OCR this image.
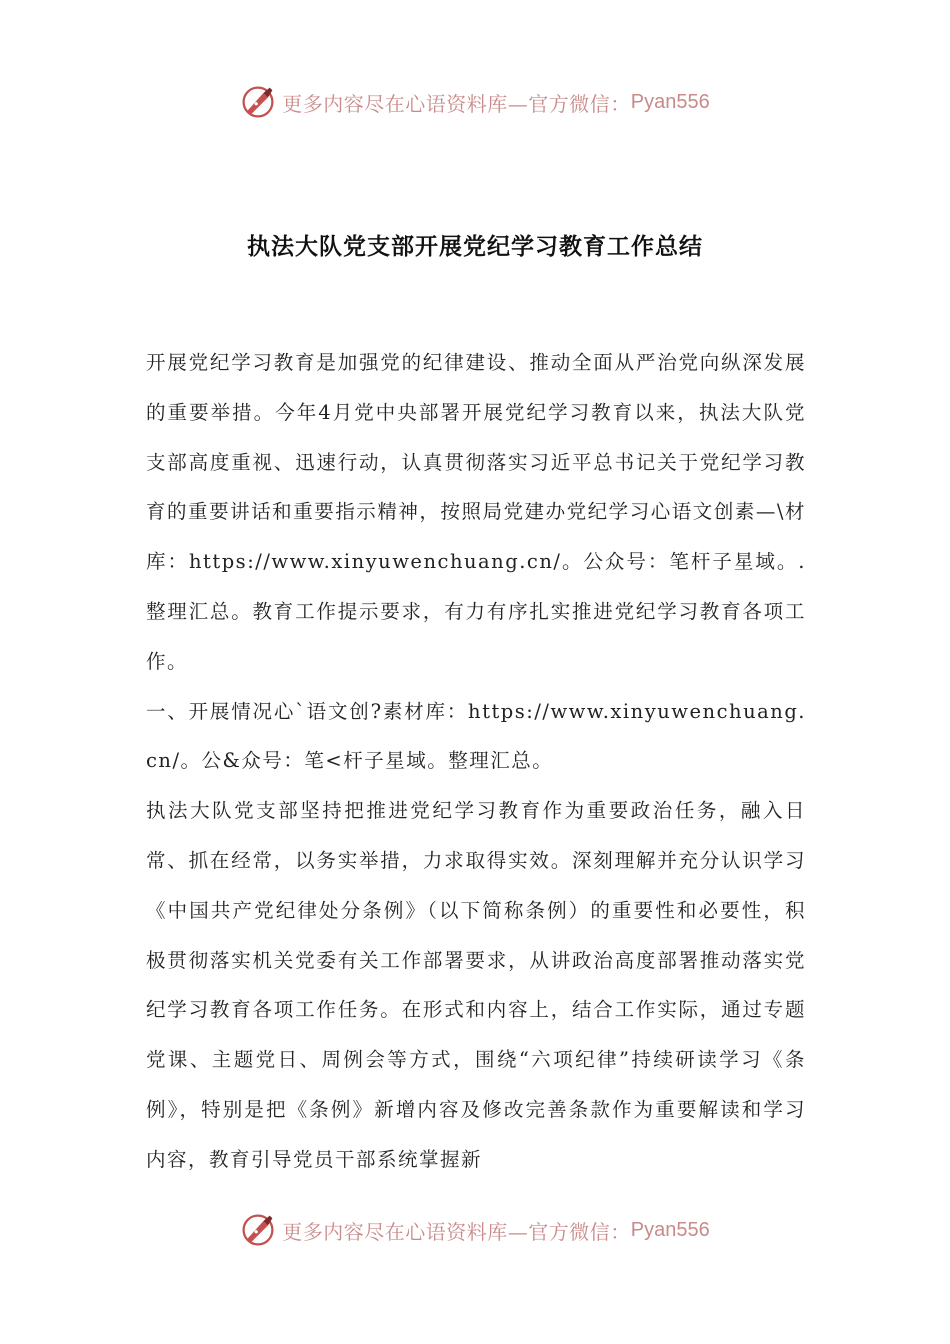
更多内容尽在心语资料库—官方微信： Pyan556
执法大队党支部开展党纪学习教育工作总结

开展党纪学习教育是加强党的纪律建设、推动全面从严治党向纵深发展的重要举措。今年4月党中央部署开展党纪学习教育以来，执法大队党支部高度重视、迅速行动，认真贯彻落实习近平总书记关于党纪学习教育的重要讲话和重要指示精神，按照局党建办党纪学习心语文创素—\材库：https://www.xinyuwenchuang.cn/。公众号：笔杆子星域。.整理汇总。教育工作提示要求，有力有序扎实推进党纪学习教育各项工作。

一、开展情况心`语文创?素材库：https://www.xinyuwenchuang.cn/。公&众号：笔<杆子星域。整理汇总。

执法大队党支部坚持把推进党纪学习教育作为重要政治任务，融入日常、抓在经常，以务实举措，力求取得实效。深刻理解并充分认识学习《中国共产党纪律处分条例》（以下简称条例）的重要性和必要性，积极贯彻落实机关党委有关工作部署要求，从讲政治高度部署推动落实党纪学习教育各项工作任务。在形式和内容上，结合工作实际，通过专题党课、主题党日、周例会等方式，围绕“六项纪律”持续研读学习《条例》，特别是把《条例》新增内容及修改完善条款作为重要解读和学习内容，教育引导党员干部系统掌握新

更多内容尽在心语资料库—官方微信： Pyan556
